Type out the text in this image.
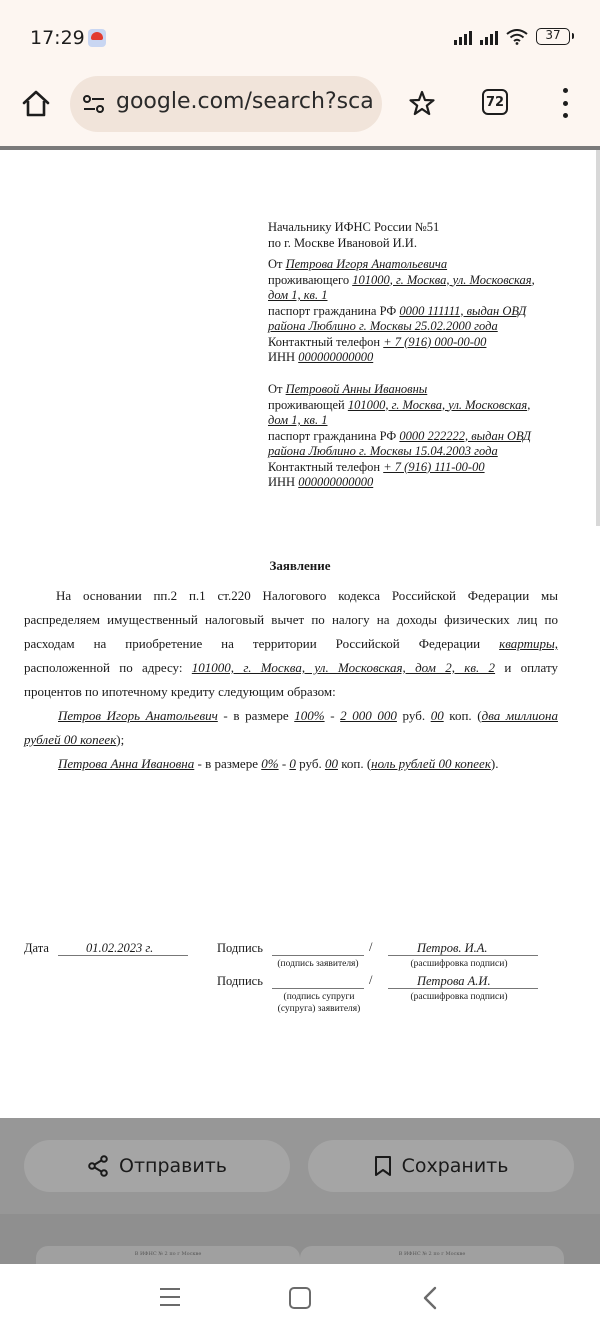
17:29	37
google.com/search?sca	72
Начальнику ИФНС России №51
по г. Москве Ивановой И.И.
От Петрова Игоря Анатольевича
проживающего 101000, г. Москва, ул. Московская,
дом 1, кв. 1
паспорт гражданина РФ 0000 111111, выдан ОВД
района Люблино г. Москвы 25.02.2000 года
Контактный телефон + 7 (916) 000-00-00
ИНН 000000000000
От Петровой Анны Ивановны
проживающей 101000, г. Москва, ул. Московская,
дом 1, кв. 1
паспорт гражданина РФ 0000 222222, выдан ОВД
района Люблино г. Москвы 15.04.2003 года
Контактный телефон + 7 (916) 111-00-00
ИНН 000000000000
Заявление
На основании пп.2 п.1 ст.220 Налогового кодекса Российской Федерации мы
распределяем имущественный налоговый вычет по налогу на доходы физических лиц по
расходам на приобретение на территории Российской Федерации квартиры,
расположенной по адресу: 101000, г. Москва, ул. Московская, дом 2, кв. 2 и оплату
процентов по ипотечному кредиту следующим образом:
Петров Игорь Анатольевич - в размере 100% - 2 000 000 руб. 00 коп. (два миллиона
рублей 00 копеек);
Петрова Анна Ивановна - в размере 0% - 0 руб. 00 коп. (ноль рублей 00 копеек).
Дата	01.02.2023 г.	Подпись	/	Петров. И.А.
(подпись заявителя)	(расшифровка подписи)
Подпись	/	Петрова А.И.
(подпись супруги
(супруга) заявителя)
(расшифровка подписи)
Отправить	Сохранить
В ИФНС № 2 по г Москве	В ИФНС № 2 по г Москве
